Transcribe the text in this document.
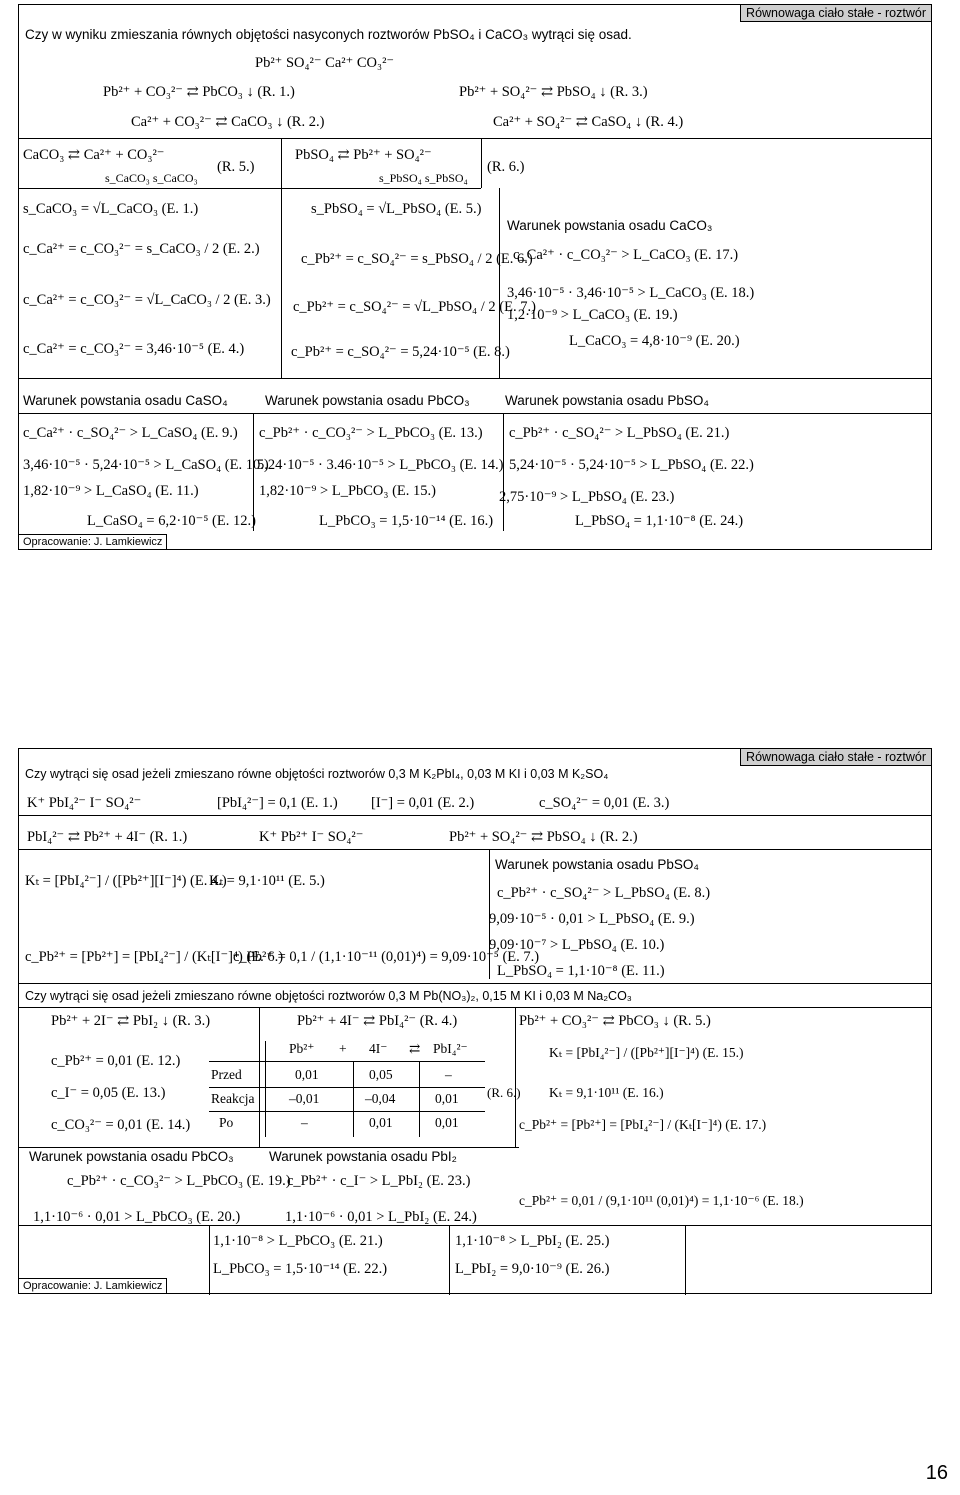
Równowaga ciało stałe - roztwór
Czy w wyniku zmieszania równych objętości nasyconych roztworów PbSO₄ i CaCO₃ wytrąci się osad.
Pb²⁺ SO₄²⁻ Ca²⁺ CO₃²⁻
Pb²⁺ + CO₃²⁻ ⇄ PbCO₃ ↓ (R. 1.)
Ca²⁺ + CO₃²⁻ ⇄ CaCO₃ ↓ (R. 2.)
Pb²⁺ + SO₄²⁻ ⇄ PbSO₄ ↓ (R. 3.)
Ca²⁺ + SO₄²⁻ ⇄ CaSO₄ ↓ (R. 4.)
CaCO₃ ⇄ Ca²⁺ + CO₃²⁻
s_CaCO₃ s_CaCO₃
(R. 5.)
PbSO₄ ⇄ Pb²⁺ + SO₄²⁻
s_PbSO₄ s_PbSO₄
(R. 6.)
s_CaCO₃ = √L_CaCO₃ (E. 1.)
c_Ca²⁺ = c_CO₃²⁻ = s_CaCO₃ / 2 (E. 2.)
c_Ca²⁺ = c_CO₃²⁻ = √L_CaCO₃ / 2 (E. 3.)
c_Ca²⁺ = c_CO₃²⁻ = 3,46·10⁻⁵ (E. 4.)
s_PbSO₄ = √L_PbSO₄ (E. 5.)
c_Pb²⁺ = c_SO₄²⁻ = s_PbSO₄ / 2 (E. 6.)
c_Pb²⁺ = c_SO₄²⁻ = √L_PbSO₄ / 2 (E. 7.)
c_Pb²⁺ = c_SO₄²⁻ = 5,24·10⁻⁵ (E. 8.)
Warunek powstania osadu CaCO₃
c_Ca²⁺ · c_CO₃²⁻ > L_CaCO₃ (E. 17.)
3,46·10⁻⁵ · 3,46·10⁻⁵ > L_CaCO₃ (E. 18.)
1,2·10⁻⁹ > L_CaCO₃ (E. 19.)
L_CaCO₃ = 4,8·10⁻⁹ (E. 20.)
Warunek powstania osadu CaSO₄
c_Ca²⁺ · c_SO₄²⁻ > L_CaSO₄ (E. 9.)
3,46·10⁻⁵ · 5,24·10⁻⁵ > L_CaSO₄ (E. 10.)
1,82·10⁻⁹ > L_CaSO₄ (E. 11.)
L_CaSO₄ = 6,2·10⁻⁵ (E. 12.)
Warunek powstania osadu PbCO₃
c_Pb²⁺ · c_CO₃²⁻ > L_PbCO₃ (E. 13.)
5.24·10⁻⁵ · 3.46·10⁻⁵ > L_PbCO₃ (E. 14.)
1,82·10⁻⁹ > L_PbCO₃ (E. 15.)
L_PbCO₃ = 1,5·10⁻¹⁴ (E. 16.)
Warunek powstania osadu PbSO₄
c_Pb²⁺ · c_SO₄²⁻ > L_PbSO₄ (E. 21.)
5,24·10⁻⁵ · 5,24·10⁻⁵ > L_PbSO₄ (E. 22.)
2,75·10⁻⁹ > L_PbSO₄ (E. 23.)
L_PbSO₄ = 1,1·10⁻⁸ (E. 24.)
Opracowanie: J. Lamkiewicz
Równowaga ciało stałe - roztwór
Czy wytrąci się osad jeżeli zmieszano równe objętości roztworów 0,3 M K₂PbI₄, 0,03 M KI i 0,03 M K₂SO₄
K⁺ PbI₄²⁻ I⁻ SO₄²⁻	[PbI₄²⁻] = 0,1 (E. 1.) [I⁻] = 0,01 (E. 2.)	c_SO₄²⁻ = 0,01 (E. 3.)
PbI₄²⁻ ⇄ Pb²⁺ + 4I⁻ (R. 1.)	K⁺ Pb²⁺ I⁻ SO₄²⁻	Pb²⁺ + SO₄²⁻ ⇄ PbSO₄ ↓ (R. 2.)
Kₜ = [PbI₄²⁻] / ([Pb²⁺][I⁻]⁴) (E. 4.)
Kₜ = 9,1·10¹¹ (E. 5.)
c_Pb²⁺ = [Pb²⁺] = [PbI₄²⁻] / (Kₜ[I⁻]⁴) (E. 6.)
c_Pb²⁺ = 0,1 / (1,1·10⁻¹¹ (0,01)⁴) = 9,09·10⁻⁵ (E. 7.)
Warunek powstania osadu PbSO₄
c_Pb²⁺ · c_SO₄²⁻ > L_PbSO₄ (E. 8.)
9,09·10⁻⁵ · 0,01 > L_PbSO₄ (E. 9.)
9,09·10⁻⁷ > L_PbSO₄ (E. 10.)
L_PbSO₄ = 1,1·10⁻⁸ (E. 11.)
Czy wytrąci się osad jeżeli zmieszano równe objętości roztworów 0,3 M Pb(NO₃)₂, 0,15 M KI i 0,03 M Na₂CO₃
Pb²⁺ + 2I⁻ ⇄ PbI₂ ↓ (R. 3.)	Pb²⁺ + 4I⁻ ⇄ PbI₄²⁻ (R. 4.)	Pb²⁺ + CO₃²⁻ ⇄ PbCO₃ ↓ (R. 5.)
c_Pb²⁺ = 0,01 (E. 12.)
c_I⁻ = 0,05 (E. 13.)
c_CO₃²⁻ = 0,01 (E. 14.)
Pb²⁺ + 4I⁻ ⇄ PbI₄²⁻
Przed	0,01	0,05	–
Reakcja	–0,01	–0,04	0,01
Po	–	0,01	0,01
(R. 6.)
Kₜ = [PbI₄²⁻] / ([Pb²⁺][I⁻]⁴) (E. 15.)
Kₜ = 9,1·10¹¹ (E. 16.)
c_Pb²⁺ = [Pb²⁺] = [PbI₄²⁻] / (Kₜ[I⁻]⁴) (E. 17.)
c_Pb²⁺ = 0,01 / (9,1·10¹¹ (0,01)⁴) = 1,1·10⁻⁶ (E. 18.)
Warunek powstania osadu PbCO₃
c_Pb²⁺ · c_CO₃²⁻ > L_PbCO₃ (E. 19.)
1,1·10⁻⁶ · 0,01 > L_PbCO₃ (E. 20.)
Warunek powstania osadu PbI₂
c_Pb²⁺ · c_I⁻ > L_PbI₂ (E. 23.)
1,1·10⁻⁶ · 0,01 > L_PbI₂ (E. 24.)
1,1·10⁻⁸ > L_PbCO₃ (E. 21.)
L_PbCO₃ = 1,5·10⁻¹⁴ (E. 22.)
1,1·10⁻⁸ > L_PbI₂ (E. 25.)
L_PbI₂ = 9,0·10⁻⁹ (E. 26.)
Opracowanie: J. Lamkiewicz
16
